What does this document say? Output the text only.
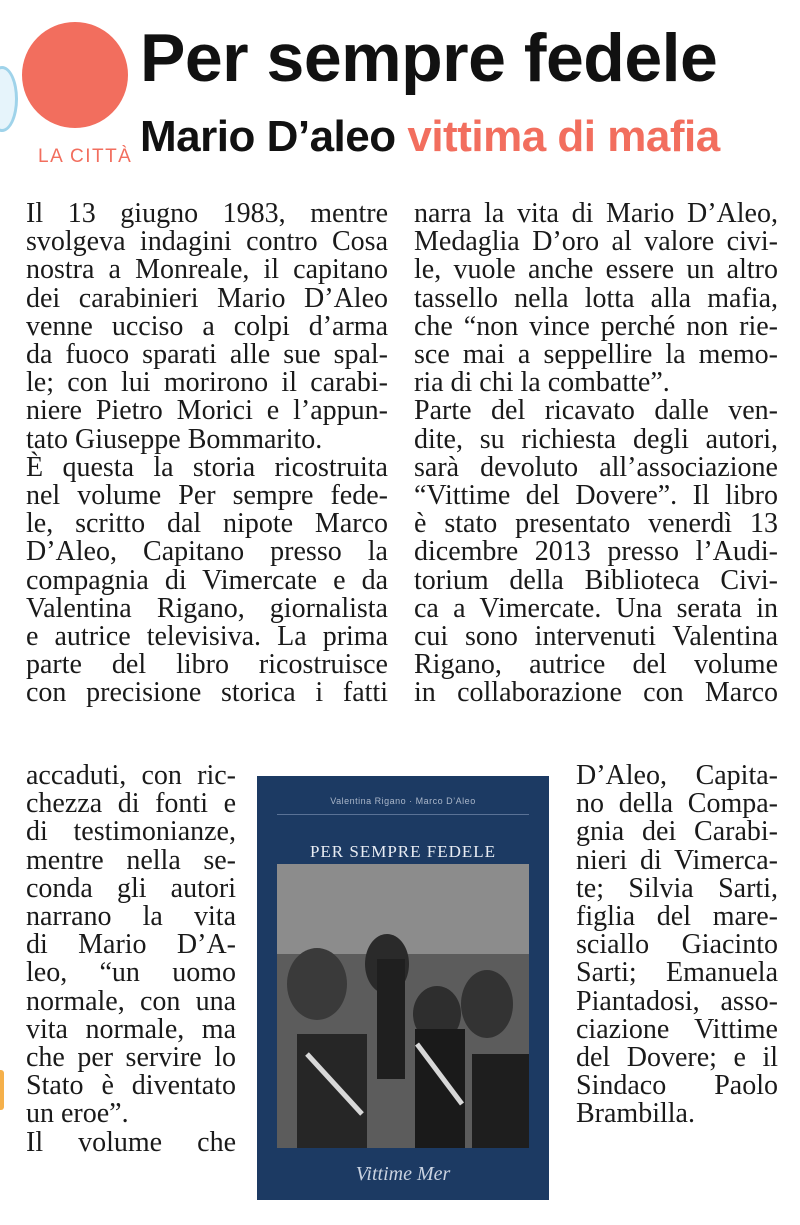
LA CITTÀ
Per sempre fedele
Mario D’aleo vittima di mafia

Il 13 giugno 1983, mentre

svolgeva indagini contro Cosa

nostra a Monreale, il capitano

dei carabinieri Mario D’Aleo

venne ucciso a colpi d’arma

da fuoco sparati alle sue spal-

le; con lui morirono il carabi-

niere Pietro Morici e l’appun-

tato Giuseppe Bommarito.

È questa la storia ricostruita

nel volume Per sempre fede-

le, scritto dal nipote Marco

D’Aleo, Capitano presso la

compagnia di Vimercate e da

Valentina Rigano, giornalista

e autrice televisiva. La prima

parte del libro ricostruisce

con precisione storica i fatti

accaduti, con ric-

chezza di fonti e

di testimonianze,

mentre nella se-

conda gli autori

narrano la vita

di Mario D’A-

leo, “un uomo

normale, con una

vita normale, ma

che per servire lo

Stato è diventato

un eroe”.

Il volume che

narra la vita di Mario D’Aleo,

Medaglia D’oro al valore civi-

le, vuole anche essere un altro

tassello nella lotta alla mafia,

che “non vince perché non rie-

sce mai a seppellire la memo-

ria di chi la combatte”.

Parte del ricavato dalle ven-

dite, su richiesta degli autori,

sarà devoluto all’associazione

“Vittime del Dovere”. Il libro

è stato presentato venerdì 13

dicembre 2013 presso l’Audi-

torium della Biblioteca Civi-

ca a Vimercate. Una serata in

cui sono intervenuti Valentina

Rigano, autrice del volume

in collaborazione con Marco

D’Aleo, Capita-

no della Compa-

gnia dei Carabi-

nieri di Vimerca-

te; Silvia Sarti,

figlia del mare-

sciallo Giacinto

Sarti; Emanuela

Piantadosi, asso-

ciazione Vittime

del Dovere; e il

Sindaco Paolo

Brambilla.

Valentina Rigano · Marco D’Aleo
PER SEMPRE FEDELE
Vittime Mer
